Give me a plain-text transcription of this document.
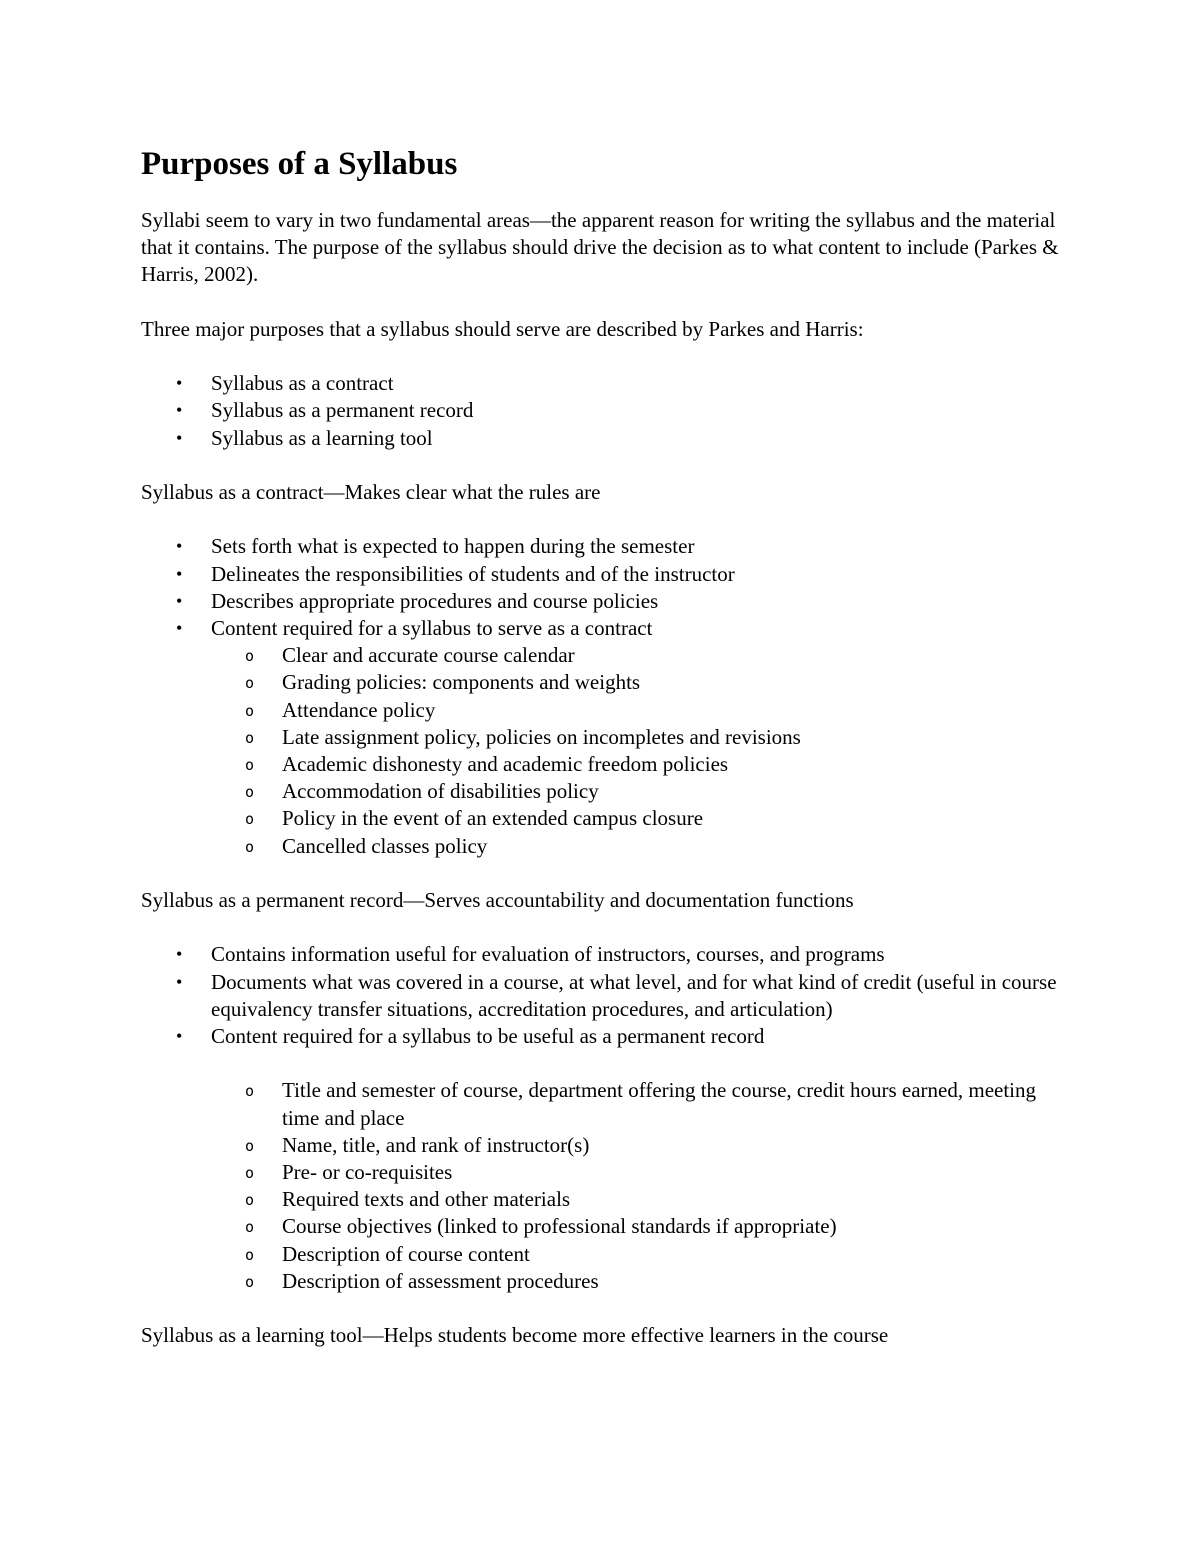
Purposes of a Syllabus

Syllabi seem to vary in two fundamental areas—the apparent reason for writing the syllabus and the material that it contains. The purpose of the syllabus should drive the decision as to what content to include (Parkes & Harris, 2002).

Three major purposes that a syllabus should serve are described by Parkes and Harris:

• Syllabus as a contract
• Syllabus as a permanent record
• Syllabus as a learning tool

Syllabus as a contract—Makes clear what the rules are

• Sets forth what is expected to happen during the semester
• Delineates the responsibilities of students and of the instructor
• Describes appropriate procedures and course policies
• Content required for a syllabus to serve as a contract
o Clear and accurate course calendar
o Grading policies: components and weights
o Attendance policy
o Late assignment policy, policies on incompletes and revisions
o Academic dishonesty and academic freedom policies
o Accommodation of disabilities policy
o Policy in the event of an extended campus closure
o Cancelled classes policy

Syllabus as a permanent record—Serves accountability and documentation functions

• Contains information useful for evaluation of instructors, courses, and programs
• Documents what was covered in a course, at what level, and for what kind of credit (useful in course equivalency transfer situations, accreditation procedures, and articulation)
• Content required for a syllabus to be useful as a permanent record
o Title and semester of course, department offering the course, credit hours earned, meeting time and place
o Name, title, and rank of instructor(s)
o Pre- or co-requisites
o Required texts and other materials
o Course objectives (linked to professional standards if appropriate)
o Description of course content
o Description of assessment procedures

Syllabus as a learning tool—Helps students become more effective learners in the course
